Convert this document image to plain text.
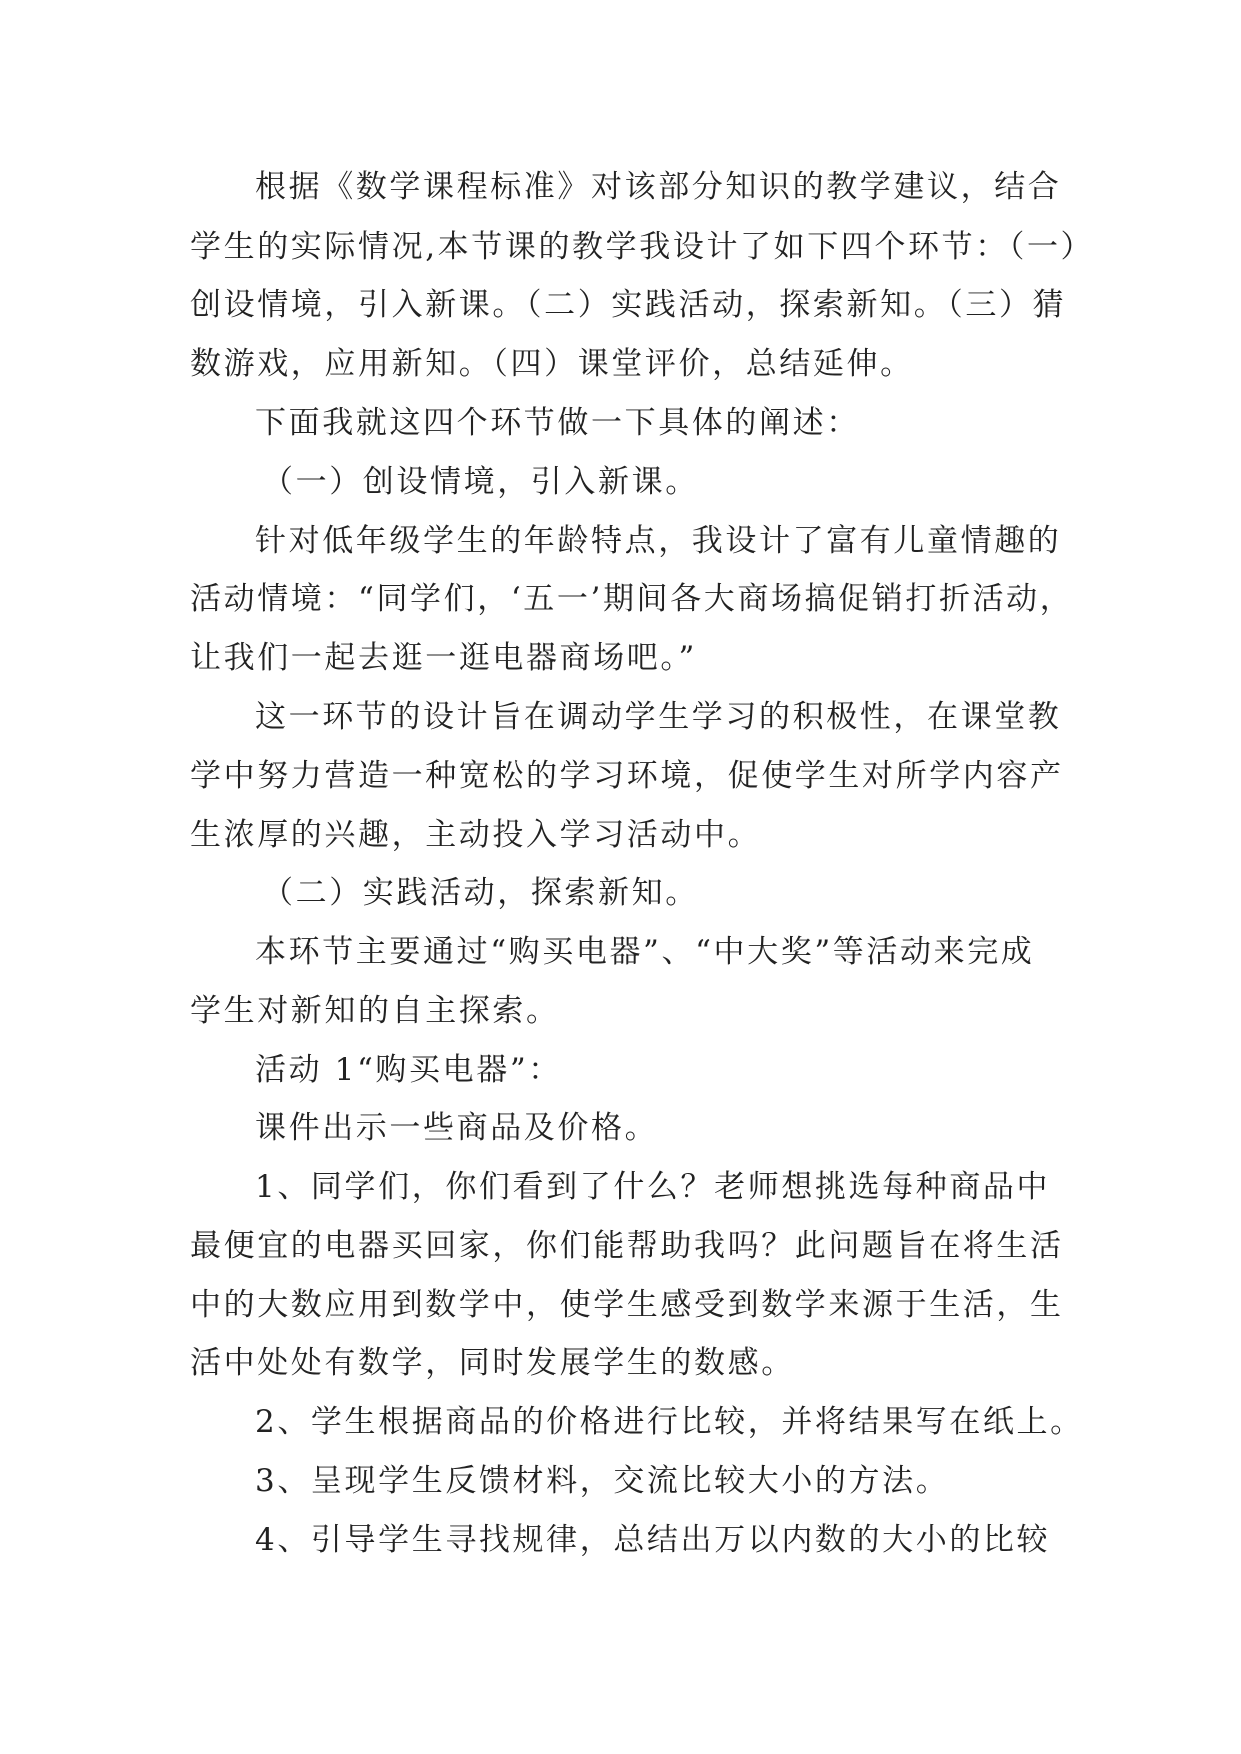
根据《数学课程标准》对该部分知识的教学建议，结合
学生的实际情况,本节课的教学我设计了如下四个环节：（一）
创设情境，引入新课。（二）实践活动，探索新知。（三）猜
数游戏，应用新知。（四）课堂评价，总结延伸。
下面我就这四个环节做一下具体的阐述：
（一）创设情境，引入新课。
针对低年级学生的年龄特点，我设计了富有儿童情趣的
活动情境：“同学们，‘五一’期间各大商场搞促销打折活动，
让我们一起去逛一逛电器商场吧。”
这一环节的设计旨在调动学生学习的积极性，在课堂教
学中努力营造一种宽松的学习环境，促使学生对所学内容产
生浓厚的兴趣，主动投入学习活动中。
（二）实践活动，探索新知。
本环节主要通过“购买电器”、“中大奖”等活动来完成
学生对新知的自主探索。
活动 1“购买电器”：
课件出示一些商品及价格。
1、同学们，你们看到了什么？老师想挑选每种商品中
最便宜的电器买回家，你们能帮助我吗？此问题旨在将生活
中的大数应用到数学中，使学生感受到数学来源于生活，生
活中处处有数学，同时发展学生的数感。
2、学生根据商品的价格进行比较，并将结果写在纸上。
3、呈现学生反馈材料，交流比较大小的方法。
4、引导学生寻找规律，总结出万以内数的大小的比较
